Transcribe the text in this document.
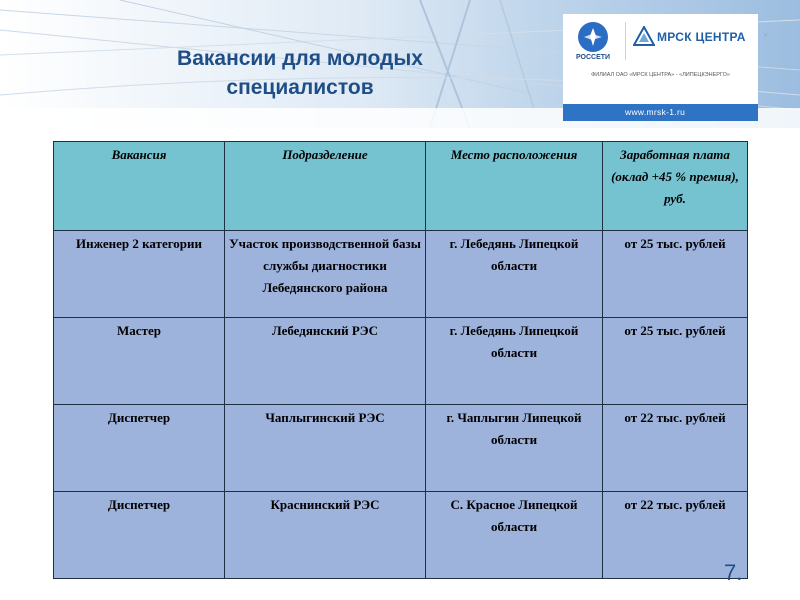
Вакансии для молодых
специалистов
×
РОССЕТИ
МРСК ЦЕНТРА
ФИЛИАЛ ОАО «МРСК ЦЕНТРА» - «ЛИПЕЦКЭНЕРГО»
www.mrsk-1.ru
Вакансия	Подразделение	Место расположения	Заработная плата (оклад +45 % премия), руб.
Инженер 2 категории	Участок производственной базы службы диагностики Лебедянского района	г. Лебедянь Липецкой области	от 25 тыс. рублей
Мастер	Лебедянский РЭС	г. Лебедянь Липецкой области	от 25 тыс. рублей
Диспетчер	Чаплыгинский РЭС	г. Чаплыгин Липецкой области	от 22 тыс. рублей
Диспетчер	Краснинский РЭС	С. Красное Липецкой области	от 22 тыс. рублей
7.
